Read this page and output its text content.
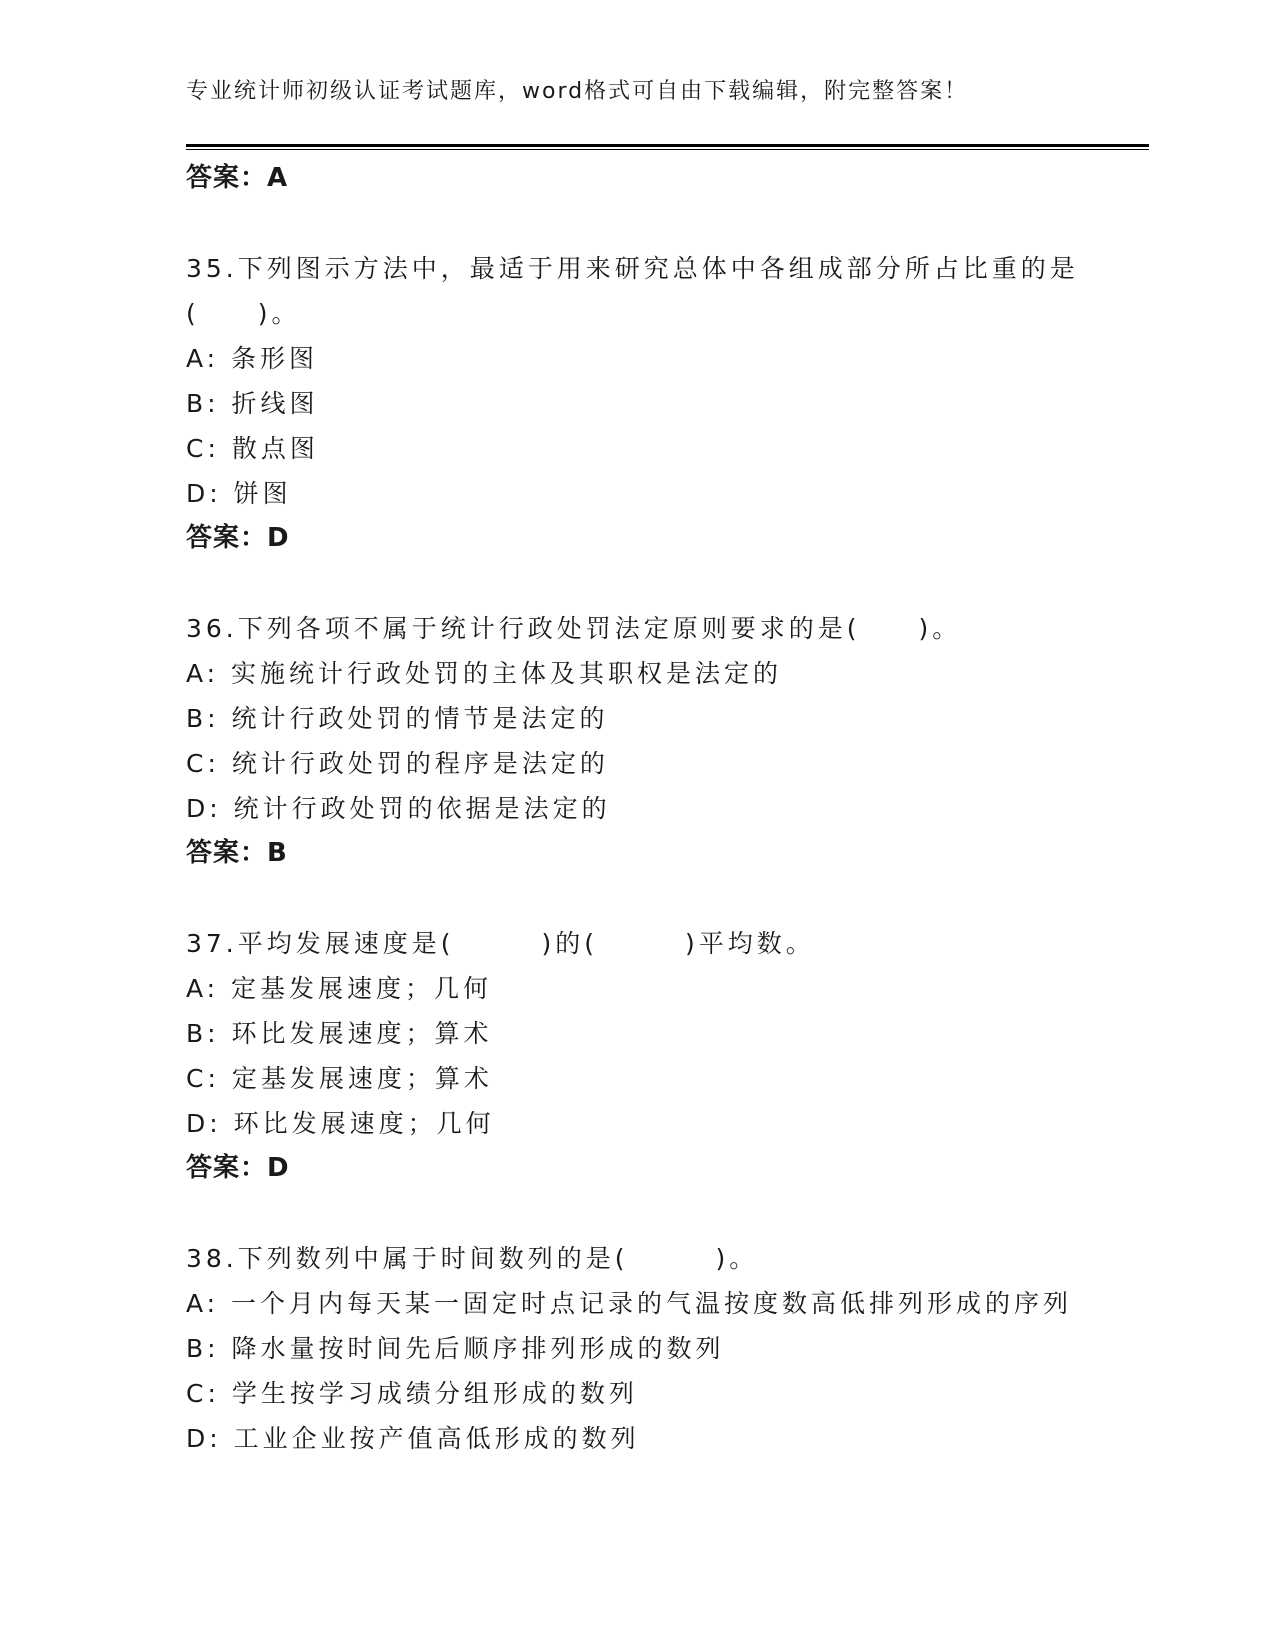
专业统计师初级认证考试题库，word格式可自由下载编辑，附完整答案！
答案：A
35.下列图示方法中，最适于用来研究总体中各组成部分所占比重的是
(　　)。
A: 条形图
B: 折线图
C: 散点图
D: 饼图
答案：D
36.下列各项不属于统计行政处罚法定原则要求的是(　　)。
A: 实施统计行政处罚的主体及其职权是法定的
B: 统计行政处罚的情节是法定的
C: 统计行政处罚的程序是法定的
D: 统计行政处罚的依据是法定的
答案：B
37.平均发展速度是(　　　)的(　　　)平均数。
A: 定基发展速度；几何
B: 环比发展速度；算术
C: 定基发展速度；算术
D: 环比发展速度；几何
答案：D
38.下列数列中属于时间数列的是(　　　)。
A: 一个月内每天某一固定时点记录的气温按度数高低排列形成的序列
B: 降水量按时间先后顺序排列形成的数列
C: 学生按学习成绩分组形成的数列
D: 工业企业按产值高低形成的数列
